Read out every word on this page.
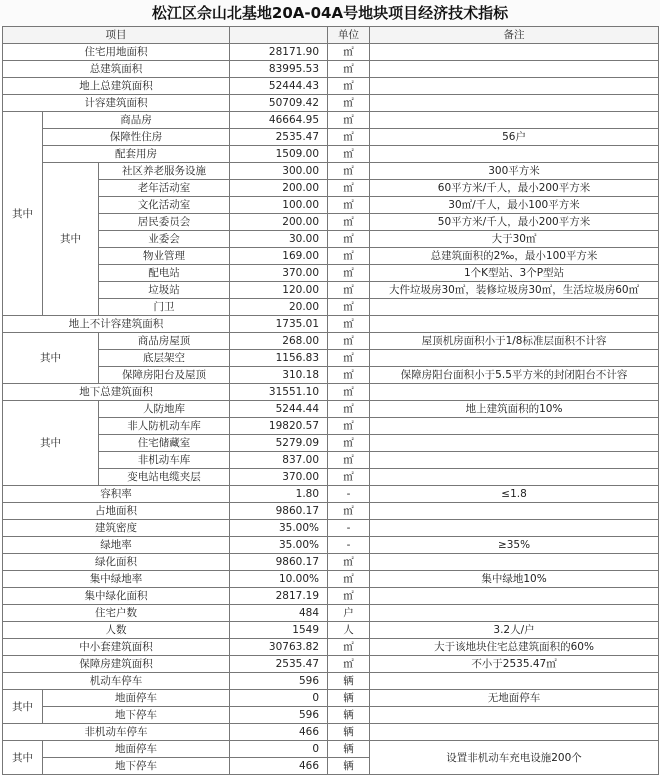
松江区佘山北基地20A-04A号地块项目经济技术指标
项目				单位	备注
住宅用地面积			28171.90	㎡	
总建筑面积			83995.53	㎡	
地上总建筑面积			52444.43	㎡	
计容建筑面积			50709.42	㎡	
其中	商品房		46664.95	㎡	
	保障性住房		2535.47	㎡	56户
	配套用房		1509.00	㎡	
	其中	社区养老服务设施	300.00	㎡	300平方米
		老年活动室	200.00	㎡	60平方米/千人，最小200平方米
		文化活动室	100.00	㎡	30㎡/千人，最小100平方米
		居民委员会	200.00	㎡	50平方米/千人，最小200平方米
		业委会	30.00	㎡	大于30㎡
		物业管理	169.00	㎡	总建筑面积的2‰，最小100平方米
		配电站	370.00	㎡	1个K型站、3个P型站
		垃圾站	120.00	㎡	大件垃圾房30㎡，装修垃圾房30㎡，生活垃圾房60㎡
		门卫	20.00	㎡	
地上不计容建筑面积			1735.01	㎡	
其中		商品房屋顶	268.00	㎡	屋顶机房面积小于1/8标准层面积不计容
		底层架空	1156.83	㎡	
		保障房阳台及屋顶	310.18	㎡	保障房阳台面积小于5.5平方米的封闭阳台不计容
地下总建筑面积			31551.10	㎡	
其中		人防地库	5244.44	㎡	地上建筑面积的10%
		非人防机动车库	19820.57	㎡	
		住宅储藏室	5279.09	㎡	
		非机动车库	837.00	㎡	
		变电站电缆夹层	370.00	㎡	
容积率			1.80	-	≤1.8
占地面积			9860.17	㎡	
建筑密度			35.00%	-	
绿地率			35.00%	-	≥35%
绿化面积			9860.17	㎡	
集中绿地率			10.00%	㎡	集中绿地10%
集中绿化面积			2817.19	㎡	
住宅户数			484	户	
人数			1549	人	3.2人/户
中小套建筑面积			30763.82	㎡	大于该地块住宅总建筑面积的60%
保障房建筑面积			2535.47	㎡	不小于2535.47㎡
机动车停车			596	辆	
其中	地面停车		0	辆	无地面停车
	地下停车		596	辆	
非机动车停车			466	辆	
其中	地面停车		0	辆	设置非机动车充电设施200个
	地下停车		466	辆	
